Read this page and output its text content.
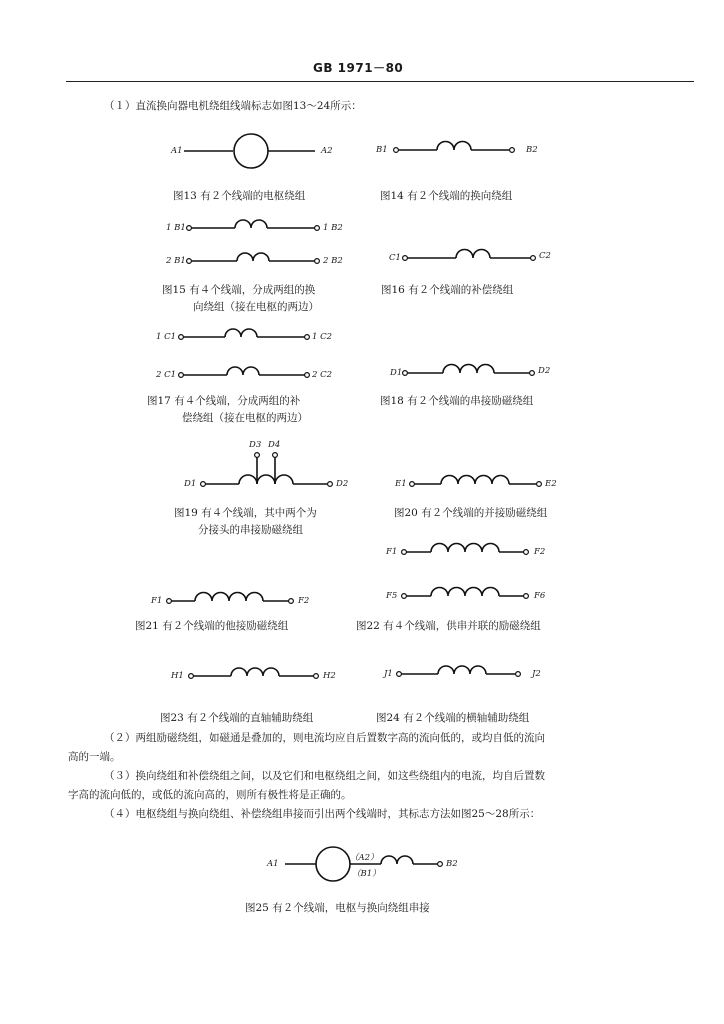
GB 1971－80
（１）直流换向器电机绕组线端标志如图13～24所示：
A1	A2	B1	B2
1 B1	1 B2
2 B1	2 B2	C1	C2
1 C1	1 C2
2 C1	2 C2	D1	D2
D3 D4
D1	D2	E1	E2
F1	F2
F5	F6
F1	F2
H1	H2	J1	J2
A1
（A2）
（B1）
B2
图13 有２个线端的电枢绕组	图14 有２个线端的换向绕组
图15 有４个线端，分成两组的换
向绕组（接在电枢的两边）
图16 有２个线端的补偿绕组
图17 有４个线端，分成两组的补
偿绕组（接在电枢的两边）
图18 有２个线端的串接励磁绕组
图19 有４个线端，其中两个为
分接头的串接励磁绕组
图20 有２个线端的并接励磁绕组
图21 有２个线端的他接励磁绕组	图22 有４个线端，供串并联的励磁绕组
图23 有２个线端的直轴辅助绕组	图24 有２个线端的横轴辅助绕组
（２）两组励磁绕组，如磁通是叠加的，则电流均应自后置数字高的流向低的，或均自低的流向
高的一端。
（３）换向绕组和补偿绕组之间，以及它们和电枢绕组之间，如这些绕组内的电流，均自后置数
字高的流向低的，或低的流向高的，则所有极性将是正确的。
（４）电枢绕组与换向绕组、补偿绕组串接而引出两个线端时，其标志方法如图25～28所示：
图25 有２个线端，电枢与换向绕组串接
